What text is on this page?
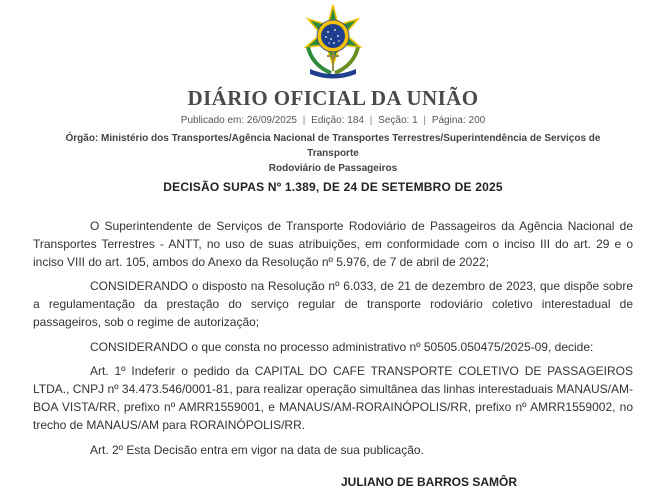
DIÁRIO OFICIAL DA UNIÃO
Publicado em: 26/09/2025 | Edição: 184 | Seção: 1 | Página: 200
Órgão: Ministério dos Transportes/Agência Nacional de Transportes Terrestres/Superintendência de Serviços de Transporte
Rodoviário de Passageiros
DECISÃO SUPAS Nº 1.389, DE 24 DE SETEMBRO DE 2025

O Superintendente de Serviços de Transporte Rodoviário de Passageiros da Agência Nacional de Transportes Terrestres - ANTT, no uso de suas atribuições, em conformidade com o inciso III do art. 29 e o inciso VIII do art. 105, ambos do Anexo da Resolução nº 5.976, de 7 de abril de 2022;

CONSIDERANDO o disposto na Resolução nº 6.033, de 21 de dezembro de 2023, que dispõe sobre a regulamentação da prestação do serviço regular de transporte rodoviário coletivo interestadual de passageiros, sob o regime de autorização;

CONSIDERANDO o que consta no processo administrativo nº 50505.050475/2025-09, decide:

Art. 1º Indeferir o pedido da CAPITAL DO CAFE TRANSPORTE COLETIVO DE PASSAGEIROS LTDA., CNPJ nº 34.473.546/0001-81, para realizar operação simultânea das linhas interestaduais MANAUS/AM-BOA VISTA/RR, prefixo nº AMRR1559001, e MANAUS/AM-RORAINÓPOLIS/RR, prefixo nº AMRR1559002, no trecho de MANAUS/AM para RORAINÓPOLIS/RR.

Art. 2º Esta Decisão entra em vigor na data de sua publicação.

JULIANO DE BARROS SAMÔR
